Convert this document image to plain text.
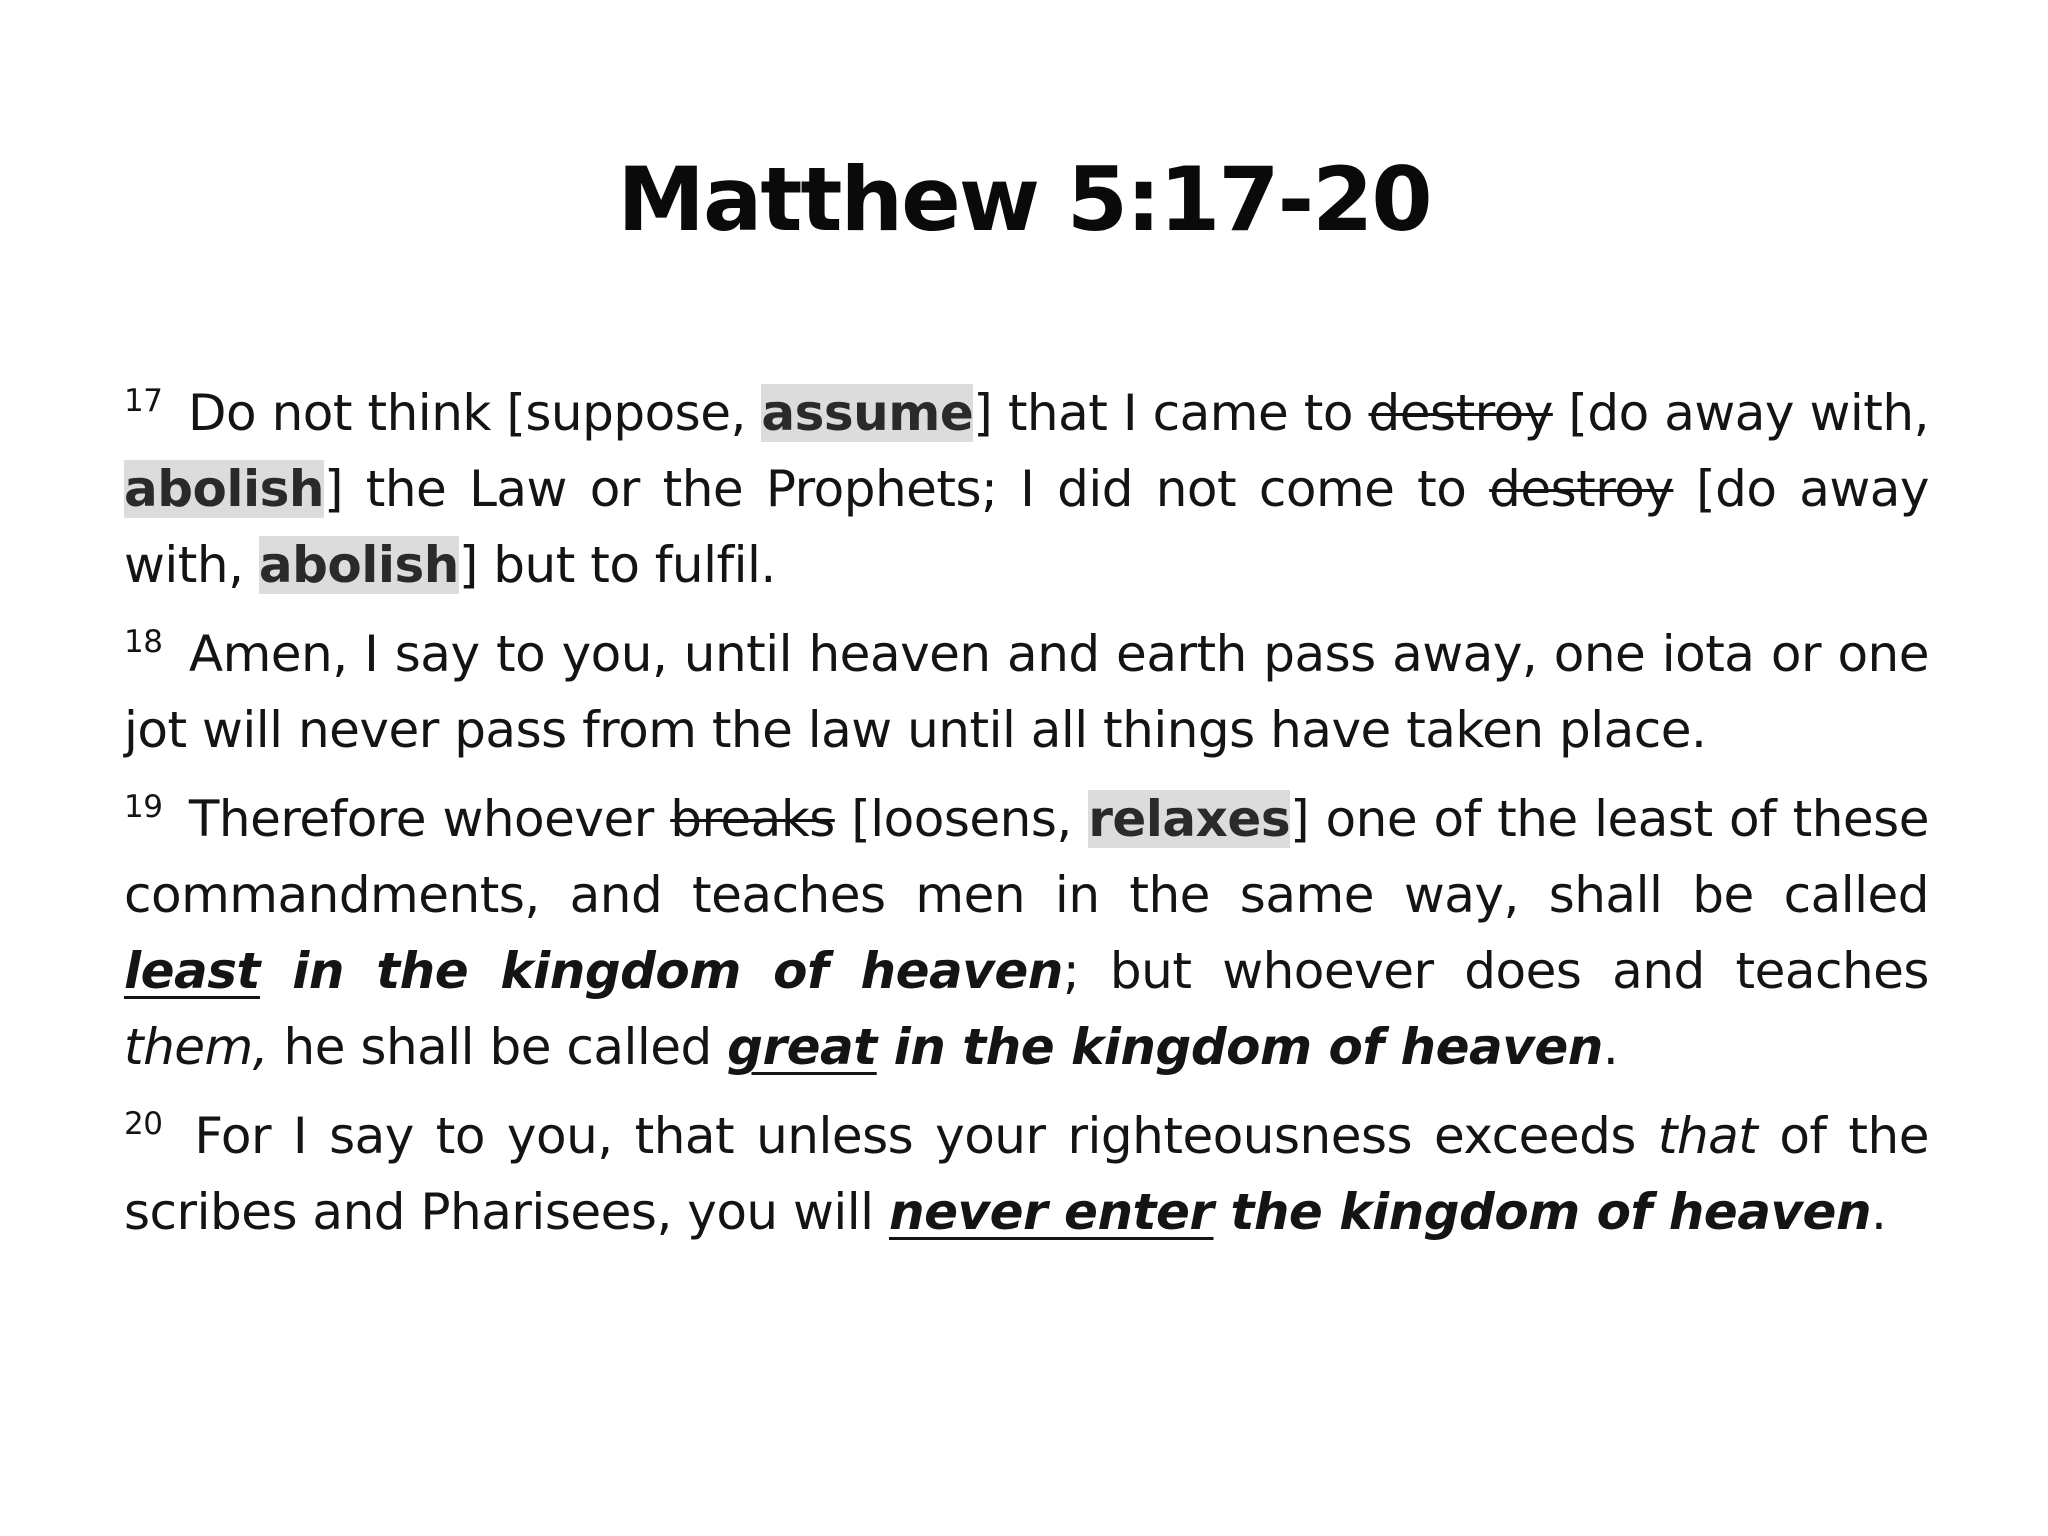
Matthew 5:17-20

$^{17}$ Do not think [suppose, assume] that I came to destroy [do away with, abolish] the Law or the Prophets; I did not come to destroy [do away with, abolish] but to fulfil.

$^{18}$ Amen, I say to you, until heaven and earth pass away, one iota or one jot will never pass from the law until all things have taken place.

$^{19}$ Therefore whoever breaks [loosens, relaxes] one of the least of these commandments, and teaches men in the same way, shall be called least in the kingdom of heaven; but whoever does and teaches them, he shall be called great in the kingdom of heaven.

$^{20}$ For I say to you, that unless your righteousness exceeds that of the scribes and Pharisees, you will never enter the kingdom of heaven.
